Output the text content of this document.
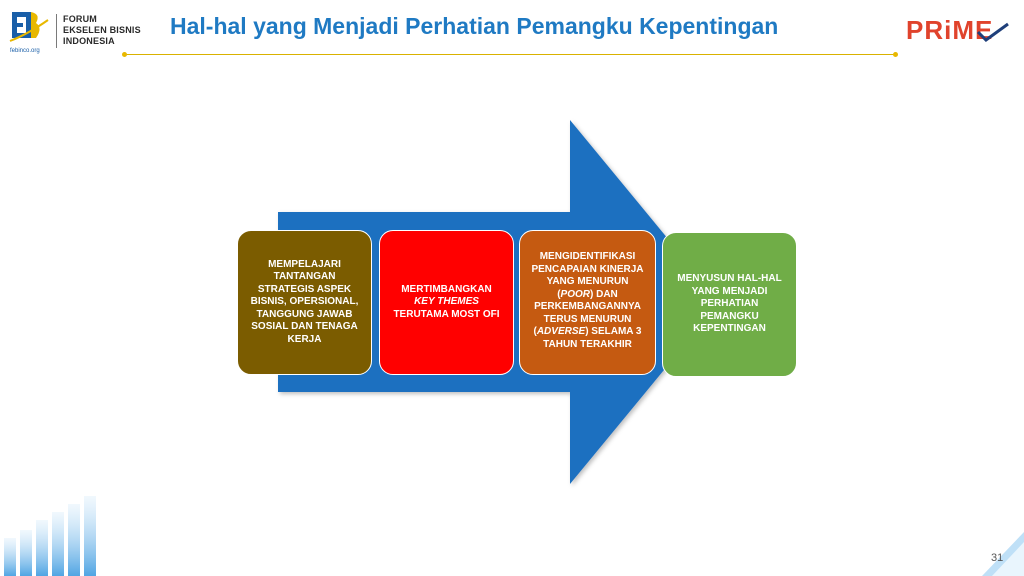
febinco.org
FORUM
EKSELEN BISNIS
INDONESIA
Hal-hal yang Menjadi Perhatian Pemangku Kepentingan	PRiME
MEMPELAJARI TANTANGAN STRATEGIS ASPEK BISNIS, OPERSIONAL, TANGGUNG JAWAB SOSIAL DAN TENAGA KERJA
MERTIMBANGKAN KEY THEMES TERUTAMA MOST OFI
MENGIDENTIFIKASI PENCAPAIAN KINERJA YANG MENURUN (POOR) DAN PERKEMBANGANNYA TERUS MENURUN (ADVERSE) SELAMA 3 TAHUN TERAKHIR
MENYUSUN HAL-HAL YANG MENJADI PERHATIAN PEMANGKU KEPENTINGAN
31
